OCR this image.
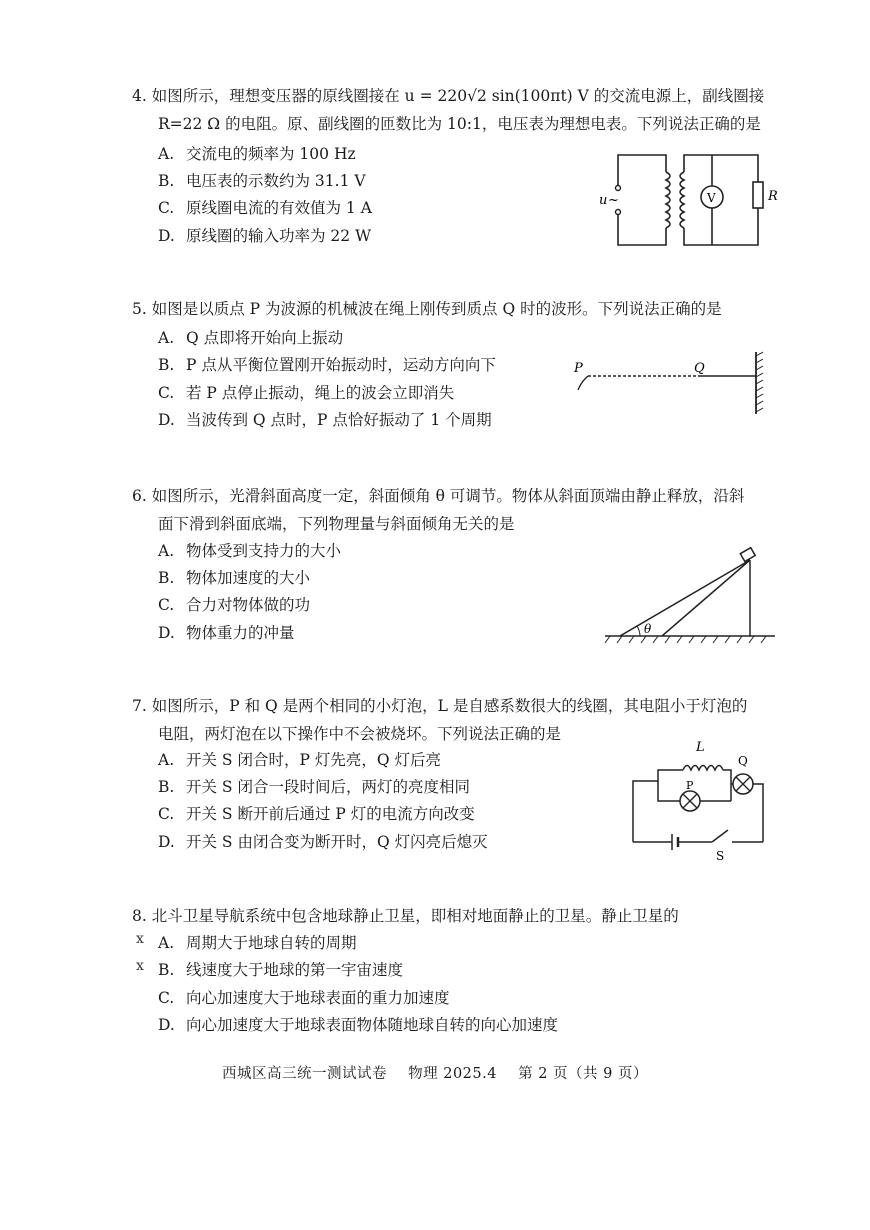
4. 如图所示，理想变压器的原线圈接在 u = 220√2 sin(100πt) V 的交流电源上，副线圈接
R=22 Ω 的电阻。原、副线圈的匝数比为 10:1，电压表为理想电表。下列说法正确的是
A. 交流电的频率为 100 Hz
B. 电压表的示数约为 31.1 V
C. 原线圈电流的有效值为 1 A
D. 原线圈的输入功率为 22 W
u ~	V	R
5. 如图是以质点 P 为波源的机械波在绳上刚传到质点 Q 时的波形。下列说法正确的是
A. Q 点即将开始向上振动
B. P 点从平衡位置刚开始振动时，运动方向向下
C. 若 P 点停止振动，绳上的波会立即消失
D. 当波传到 Q 点时，P 点恰好振动了 1 个周期
P	Q
6. 如图所示，光滑斜面高度一定，斜面倾角 θ 可调节。物体从斜面顶端由静止释放，沿斜
面下滑到斜面底端，下列物理量与斜面倾角无关的是
A. 物体受到支持力的大小
B. 物体加速度的大小
C. 合力对物体做的功
D. 物体重力的冲量	θ
7. 如图所示，P 和 Q 是两个相同的小灯泡，L 是自感系数很大的线圈，其电阻小于灯泡的
电阻，两灯泡在以下操作中不会被烧坏。下列说法正确的是
A. 开关 S 闭合时，P 灯先亮，Q 灯后亮
B. 开关 S 闭合一段时间后，两灯的亮度相同
C. 开关 S 断开前后通过 P 灯的电流方向改变
D. 开关 S 由闭合变为断开时，Q 灯闪亮后熄灭
L
P
Q
S
8. 北斗卫星导航系统中包含地球静止卫星，即相对地面静止的卫星。静止卫星的
x
x
A. 周期大于地球自转的周期
B. 线速度大于地球的第一宇宙速度
C. 向心加速度大于地球表面的重力加速度
D. 向心加速度大于地球表面物体随地球自转的向心加速度
西城区高三统一测试试卷 物理 2025.4 第 2 页（共 9 页）
